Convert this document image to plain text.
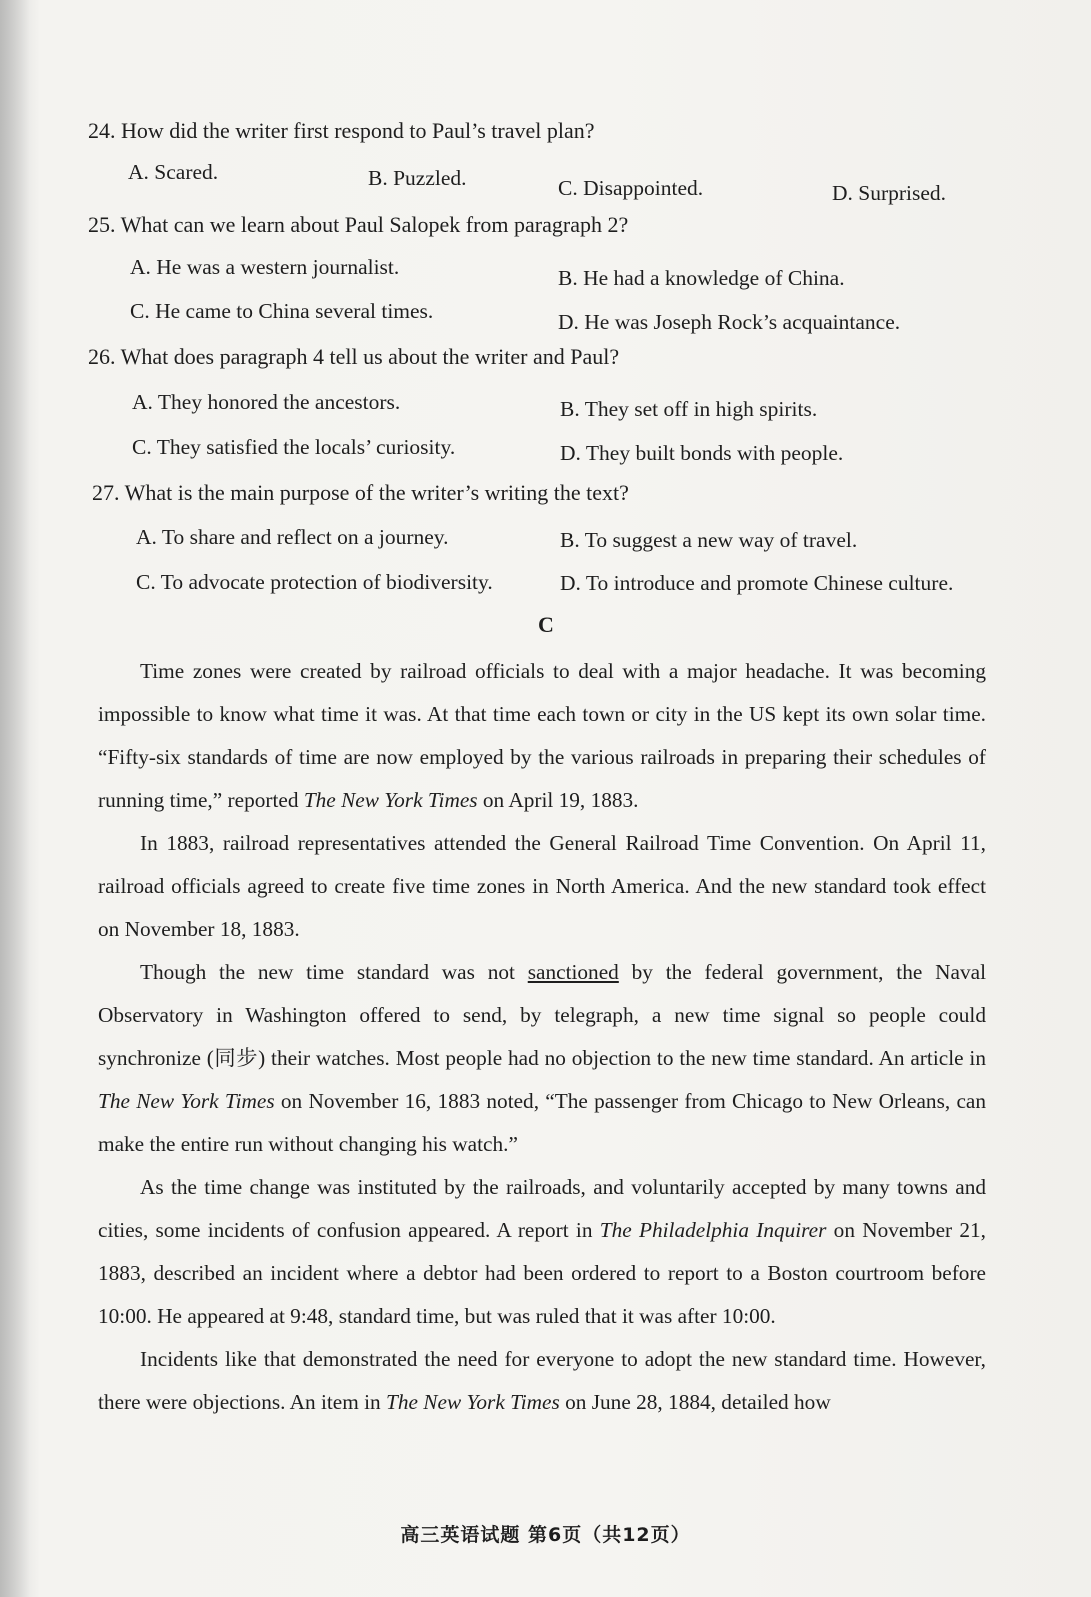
24. How did the writer first respond to Paul’s travel plan?
A. Scared.	B. Puzzled.	C. Disappointed.	D. Surprised.
25. What can we learn about Paul Salopek from paragraph 2?
A. He was a western journalist.	B. He had a knowledge of China.
C. He came to China several times.	D. He was Joseph Rock’s acquaintance.
26. What does paragraph 4 tell us about the writer and Paul?
A. They honored the ancestors.	B. They set off in high spirits.
C. They satisfied the locals’ curiosity.	D. They built bonds with people.
27. What is the main purpose of the writer’s writing the text?
A. To share and reflect on a journey.	B. To suggest a new way of travel.
C. To advocate protection of biodiversity.	D. To introduce and promote Chinese culture.
C

Time zones were created by railroad officials to deal with a major headache. It was becoming impossible to know what time it was. At that time each town or city in the US kept its own solar time. “Fifty-six standards of time are now employed by the various railroads in preparing their schedules of running time,” reported The New York Times on April 19, 1883.

In 1883, railroad representatives attended the General Railroad Time Convention. On April 11, railroad officials agreed to create five time zones in North America. And the new standard took effect on November 18, 1883.

Though the new time standard was not sanctioned by the federal government, the Naval Observatory in Washington offered to send, by telegraph, a new time signal so people could synchronize (同步) their watches. Most people had no objection to the new time standard. An article in The New York Times on November 16, 1883 noted, “The passenger from Chicago to New Orleans, can make the entire run without changing his watch.”

As the time change was instituted by the railroads, and voluntarily accepted by many towns and cities, some incidents of confusion appeared. A report in The Philadelphia Inquirer on November 21, 1883, described an incident where a debtor had been ordered to report to a Boston courtroom before 10:00. He appeared at 9:48, standard time, but was ruled that it was after 10:00.

Incidents like that demonstrated the need for everyone to adopt the new standard time. However, there were objections. An item in The New York Times on June 28, 1884, detailed how

高三英语试题 第6页（共12页）
